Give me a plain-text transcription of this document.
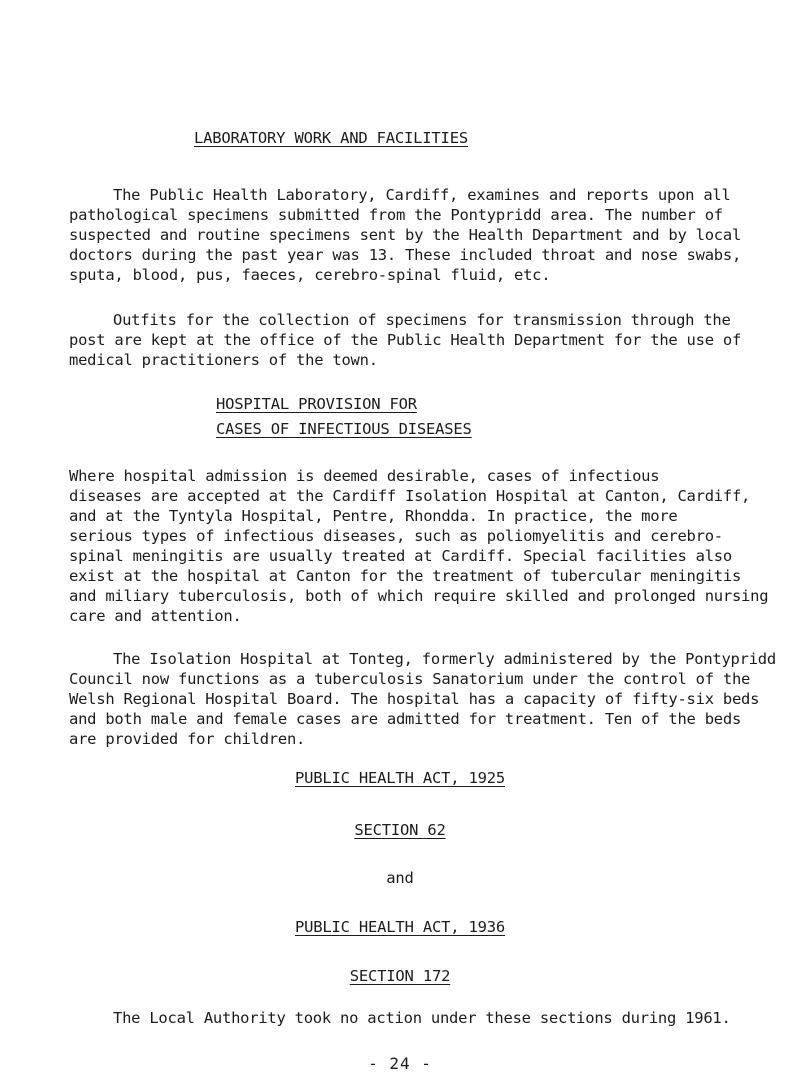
LABORATORY WORK AND FACILITIES
The Public Health Laboratory, Cardiff, examines and reports upon all
pathological specimens submitted from the Pontypridd area. The number of
suspected and routine specimens sent by the Health Department and by local
doctors during the past year was 13. These included throat and nose swabs,
sputa, blood, pus, faeces, cerebro-spinal fluid, etc.
Outfits for the collection of specimens for transmission through the
post are kept at the office of the Public Health Department for the use of
medical practitioners of the town.
HOSPITAL PROVISION FOR
CASES OF INFECTIOUS DISEASES
Where hospital admission is deemed desirable, cases of infectious
diseases are accepted at the Cardiff Isolation Hospital at Canton, Cardiff,
and at the Tyntyla Hospital, Pentre, Rhondda. In practice, the more
serious types of infectious diseases, such as poliomyelitis and cerebro-
spinal meningitis are usually treated at Cardiff. Special facilities also
exist at the hospital at Canton for the treatment of tubercular meningitis
and miliary tuberculosis, both of which require skilled and prolonged nursing
care and attention.
The Isolation Hospital at Tonteg, formerly administered by the Pontypridd
Council now functions as a tuberculosis Sanatorium under the control of the
Welsh Regional Hospital Board. The hospital has a capacity of fifty-six beds
and both male and female cases are admitted for treatment. Ten of the beds
are provided for children.
PUBLIC HEALTH ACT, 1925
SECTION 62
and
PUBLIC HEALTH ACT, 1936
SECTION 172
The Local Authority took no action under these sections during 1961.
- 24 -
